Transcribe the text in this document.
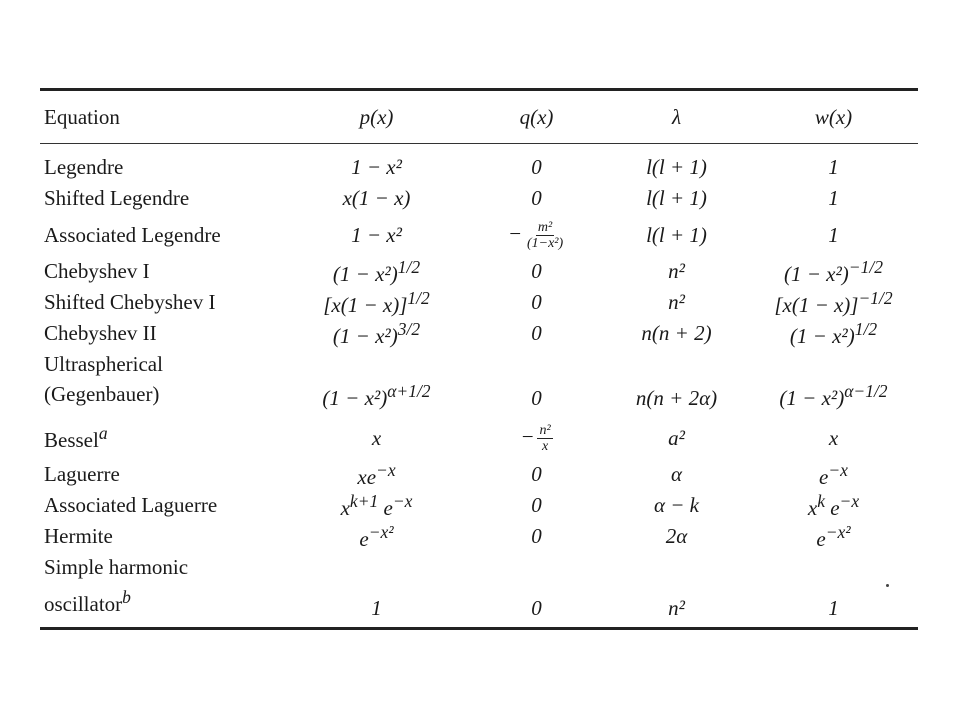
Equation	p(x)	q(x)	λ	w(x)
Legendre	1 − x²	0	l(l + 1)	1
Shifted Legendre	x(1 − x)	0	l(l + 1)	1
Associated Legendre	1 − x²	− $\frac{\text{m²}}{\text{(1−x²)}}$	l(l + 1)	1
Chebyshev I	$(1 - x^2)^{1/2}$	0	n²	$(1 - x^2)^{-1/2}$
Shifted Chebyshev I	$[x(1 - x)]^{1/2}$	0	n²	$[x(1 - x)]^{-1/2}$
Chebyshev II	$(1 - x^2)^{3/2}$	0	n(n + 2)	$(1 - x^2)^{1/2}$
Ultraspherical
(Gegenbauer)	$(1 - x^2)^{\alpha+1/2}$	0	n(n + 2α)	$(1 - x^2)^{\alpha-1/2}$
Bessel$^a$	x	− $\frac{\text{n²}}{x}$	a²	x
Laguerre	$xe^{-x}$	0	α	$e^{-x}$
Associated Laguerre	$x^{k+1}$ $e^{-x}$	0	α − k	$x^k$ $e^{-x}$
Hermite	$e^{-x^2}$	0	2α	$e^{-x^2}$
Simple harmonic
oscillator$^b$	1	0	n²	1
